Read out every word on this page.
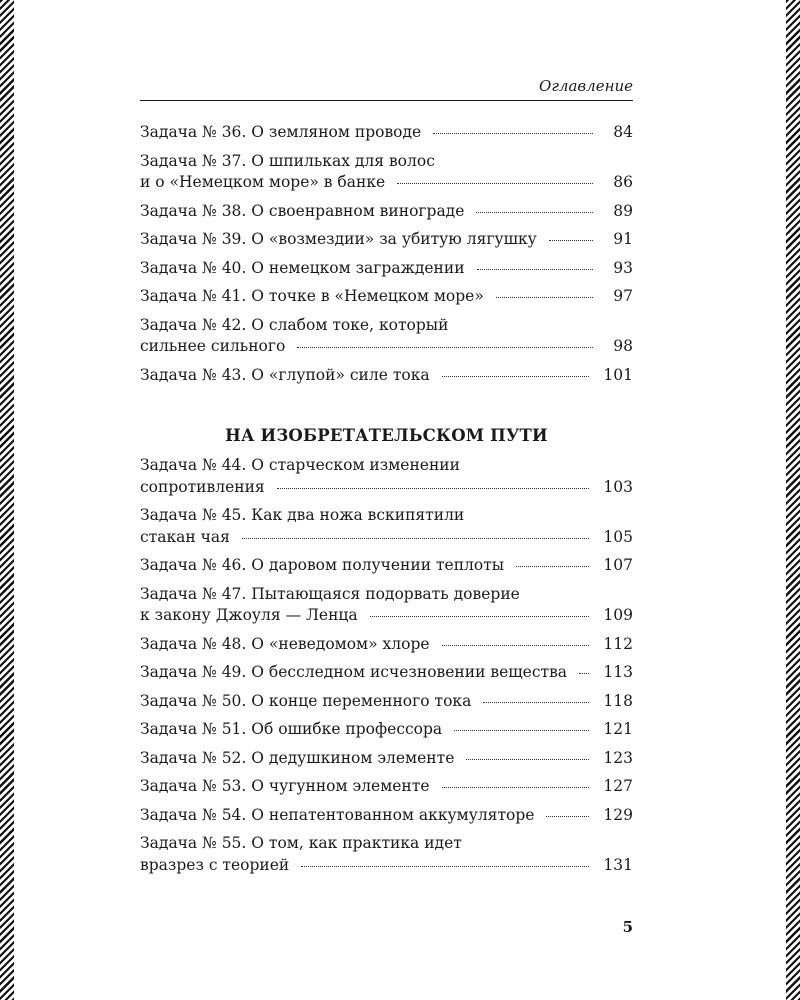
Оглавление
Задача № 36. О земляном проводе	84
Задача № 37. О шпильках для волос
и о «Немецком море» в банке	86
Задача № 38. О своенравном винограде	89
Задача № 39. О «возмездии» за убитую лягушку	91
Задача № 40. О немецком заграждении	93
Задача № 41. О точке в «Немецком море»	97
Задача № 42. О слабом токе, который
сильнее сильного	98
Задача № 43. О «глупой» силе тока	101
НА ИЗОБРЕТАТЕЛЬСКОМ ПУТИ
Задача № 44. О старческом изменении
сопротивления	103
Задача № 45. Как два ножа вскипятили
стакан чая	105
Задача № 46. О даровом получении теплоты	107
Задача № 47. Пытающаяся подорвать доверие
к закону Джоуля — Ленца	109
Задача № 48. О «неведомом» хлоре	112
Задача № 49. О бесследном исчезновении вещества 113
Задача № 50. О конце переменного тока	118
Задача № 51. Об ошибке профессора	121
Задача № 52. О дедушкином элементе	123
Задача № 53. О чугунном элементе	127
Задача № 54. О непатентованном аккумуляторе	129
Задача № 55. О том, как практика идет
вразрез с теорией	131
5
